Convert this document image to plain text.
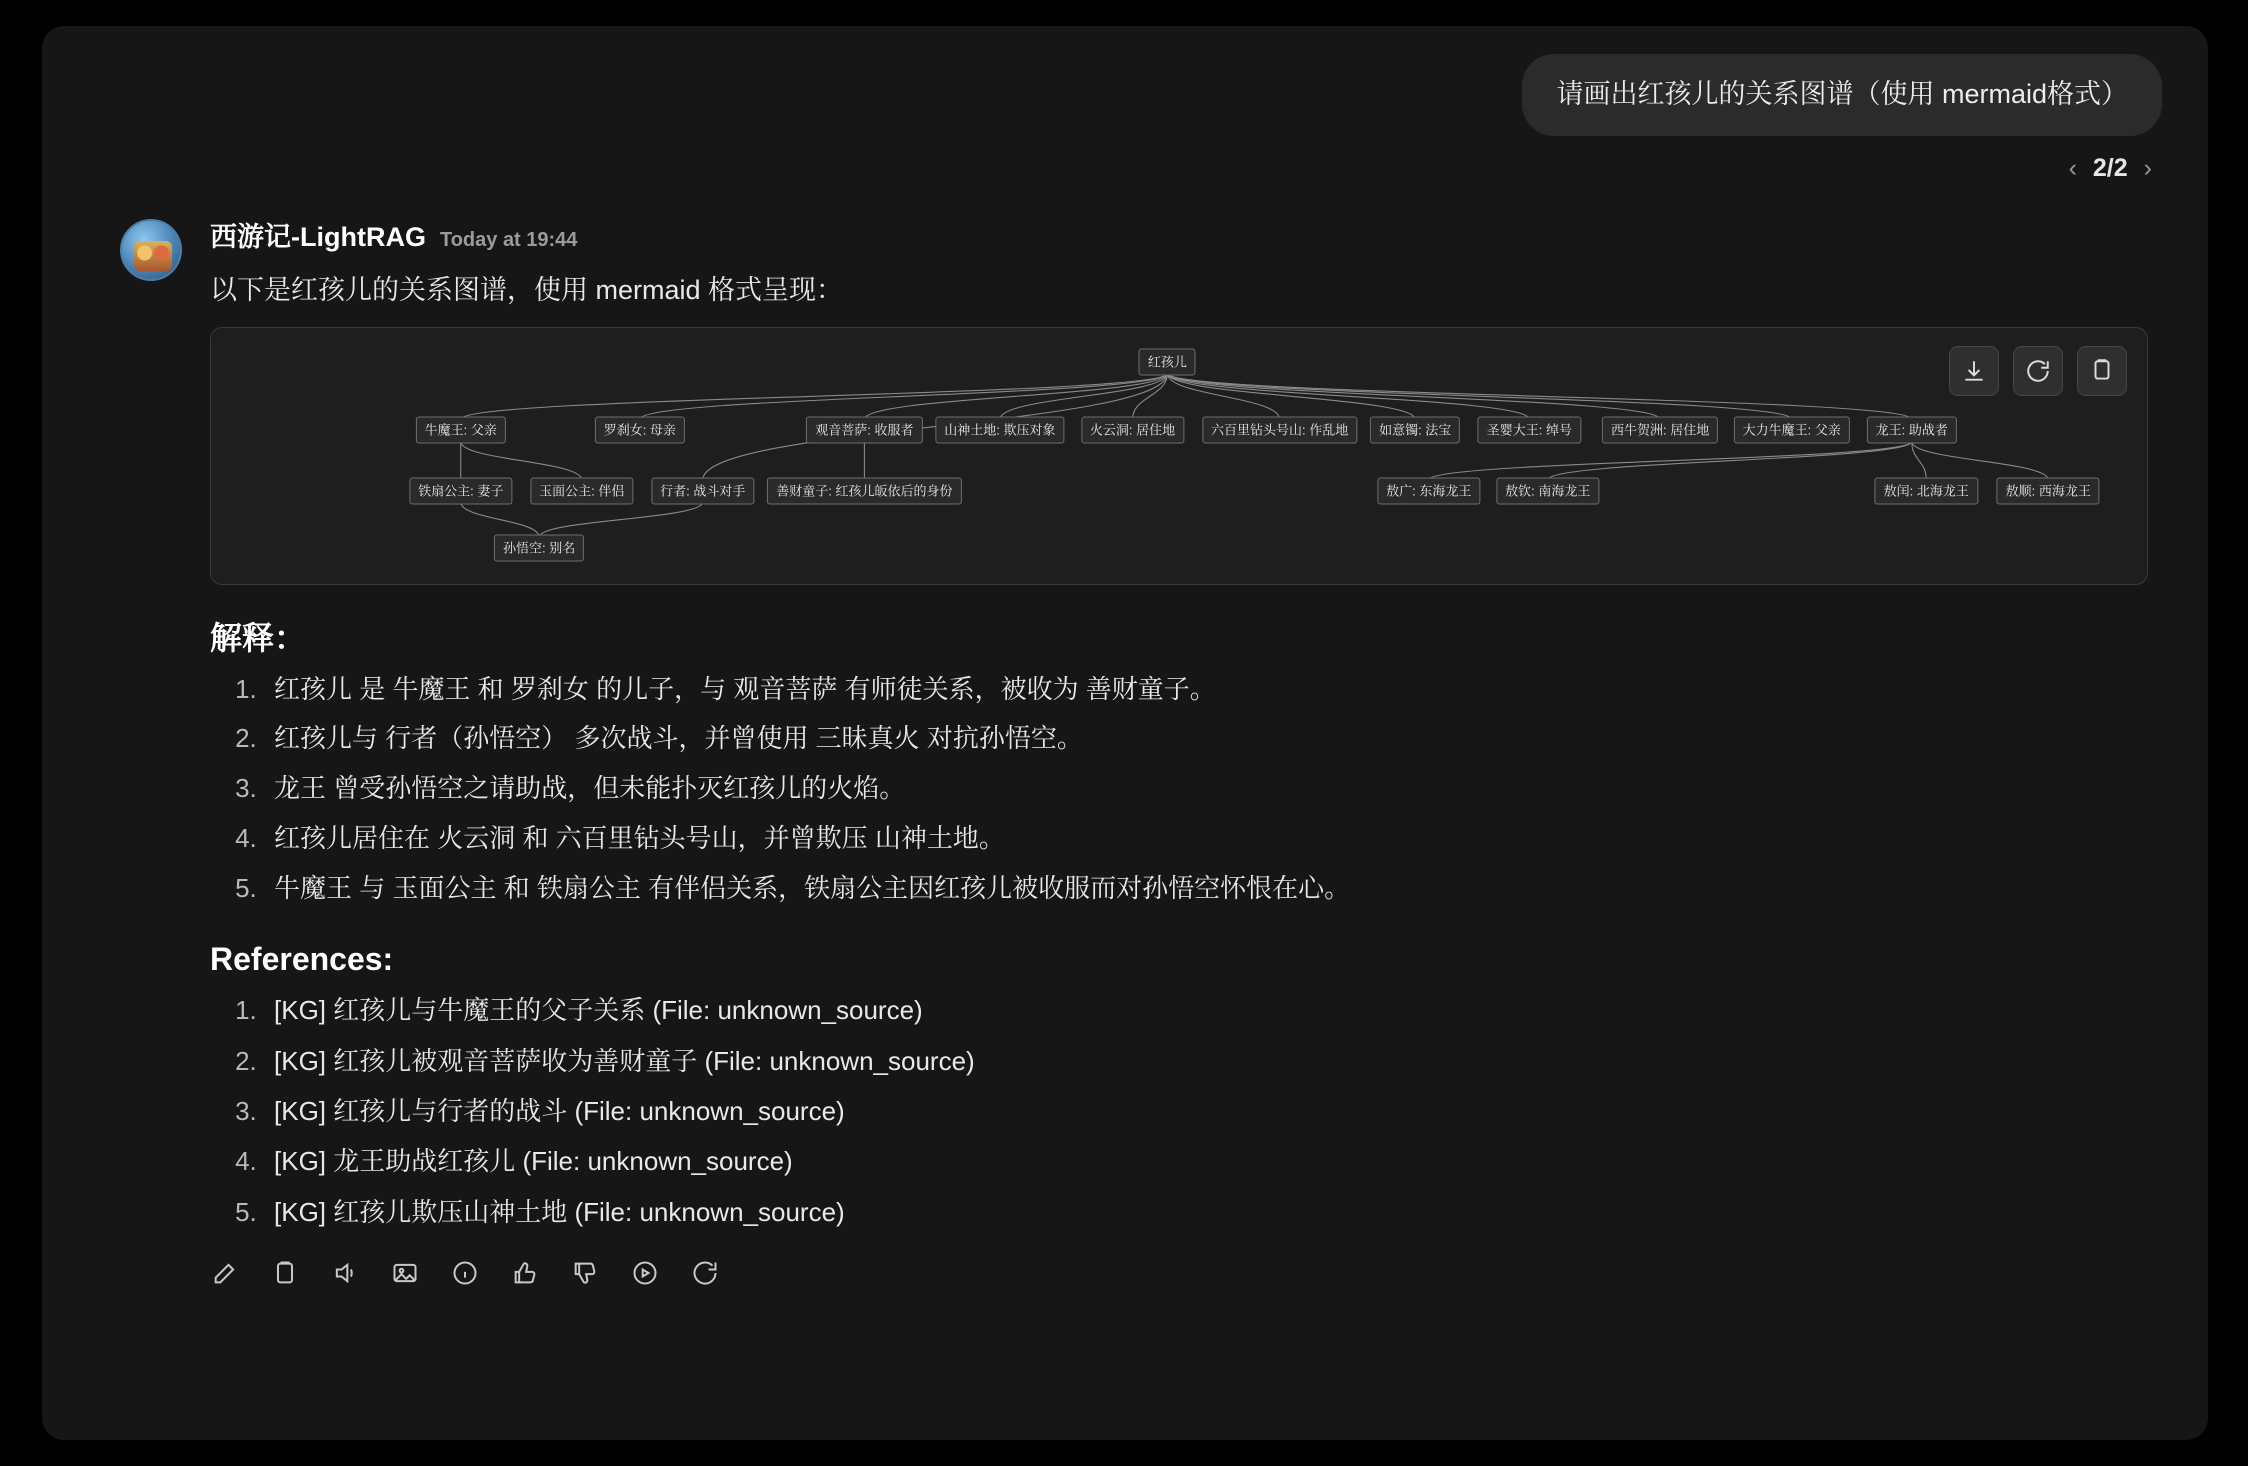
请画出红孩儿的关系图谱（使用 mermaid格式）
‹ 2/2 ›
西游记-LightRAG Today at 19:44
以下是红孩儿的关系图谱，使用 mermaid 格式呈现：
红孩儿
牛魔王: 父亲	罗刹女: 母亲	观音菩萨: 收服者	山神土地: 欺压对象	火云洞: 居住地	六百里钻头号山: 作乱地	如意镯: 法宝	圣婴大王: 绰号	西牛贺洲: 居住地	大力牛魔王: 父亲	龙王: 助战者
铁扇公主: 妻子	玉面公主: 伴侣	行者: 战斗对手	善财童子: 红孩儿皈依后的身份	敖广: 东海龙王	敖钦: 南海龙王	敖闰: 北海龙王	敖顺: 西海龙王
孙悟空: 别名
解释：
1. 红孩儿 是 牛魔王 和 罗刹女 的儿子，与 观音菩萨 有师徒关系，被收为 善财童子。
2. 红孩儿与 行者（孙悟空） 多次战斗，并曾使用 三昧真火 对抗孙悟空。
3. 龙王 曾受孙悟空之请助战，但未能扑灭红孩儿的火焰。
4. 红孩儿居住在 火云洞 和 六百里钻头号山，并曾欺压 山神土地。
5. 牛魔王 与 玉面公主 和 铁扇公主 有伴侣关系，铁扇公主因红孩儿被收服而对孙悟空怀恨在心。
References:
1. [KG] 红孩儿与牛魔王的父子关系 (File: unknown_source)
2. [KG] 红孩儿被观音菩萨收为善财童子 (File: unknown_source)
3. [KG] 红孩儿与行者的战斗 (File: unknown_source)
4. [KG] 龙王助战红孩儿 (File: unknown_source)
5. [KG] 红孩儿欺压山神土地 (File: unknown_source)
